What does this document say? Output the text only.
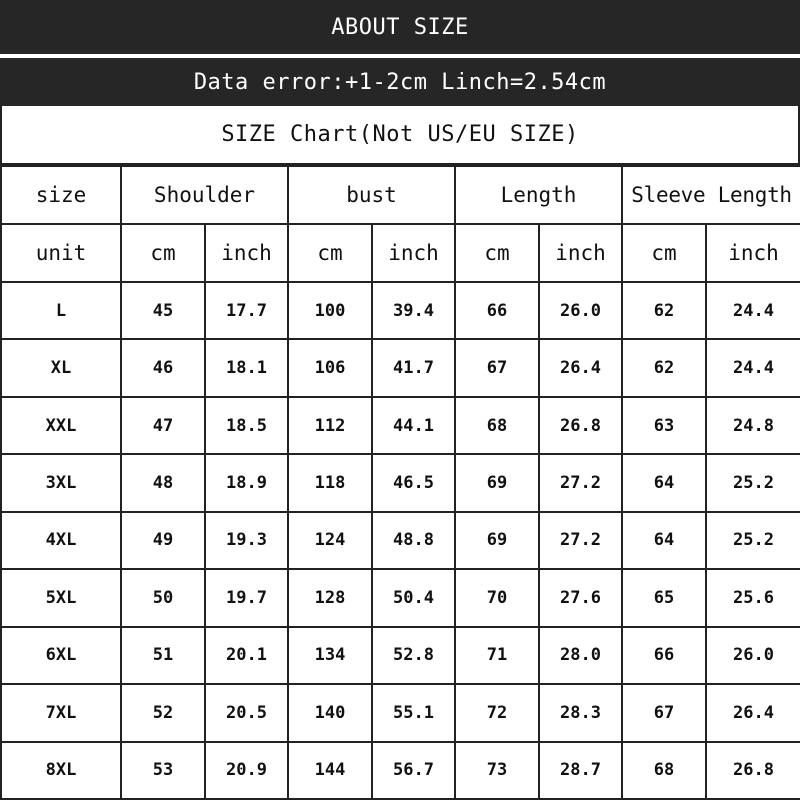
ABOUT SIZE
Data error:+1-2cm Linch=2.54cm
SIZE Chart(Not US/EU SIZE)
size	Shoulder		bust		Length		Sleeve Length	
unit	cm	inch	cm	inch	cm	inch	cm	inch
L	45	17.7	100	39.4	66	26.0	62	24.4
XL	46	18.1	106	41.7	67	26.4	62	24.4
XXL	47	18.5	112	44.1	68	26.8	63	24.8
3XL	48	18.9	118	46.5	69	27.2	64	25.2
4XL	49	19.3	124	48.8	69	27.2	64	25.2
5XL	50	19.7	128	50.4	70	27.6	65	25.6
6XL	51	20.1	134	52.8	71	28.0	66	26.0
7XL	52	20.5	140	55.1	72	28.3	67	26.4
8XL	53	20.9	144	56.7	73	28.7	68	26.8
